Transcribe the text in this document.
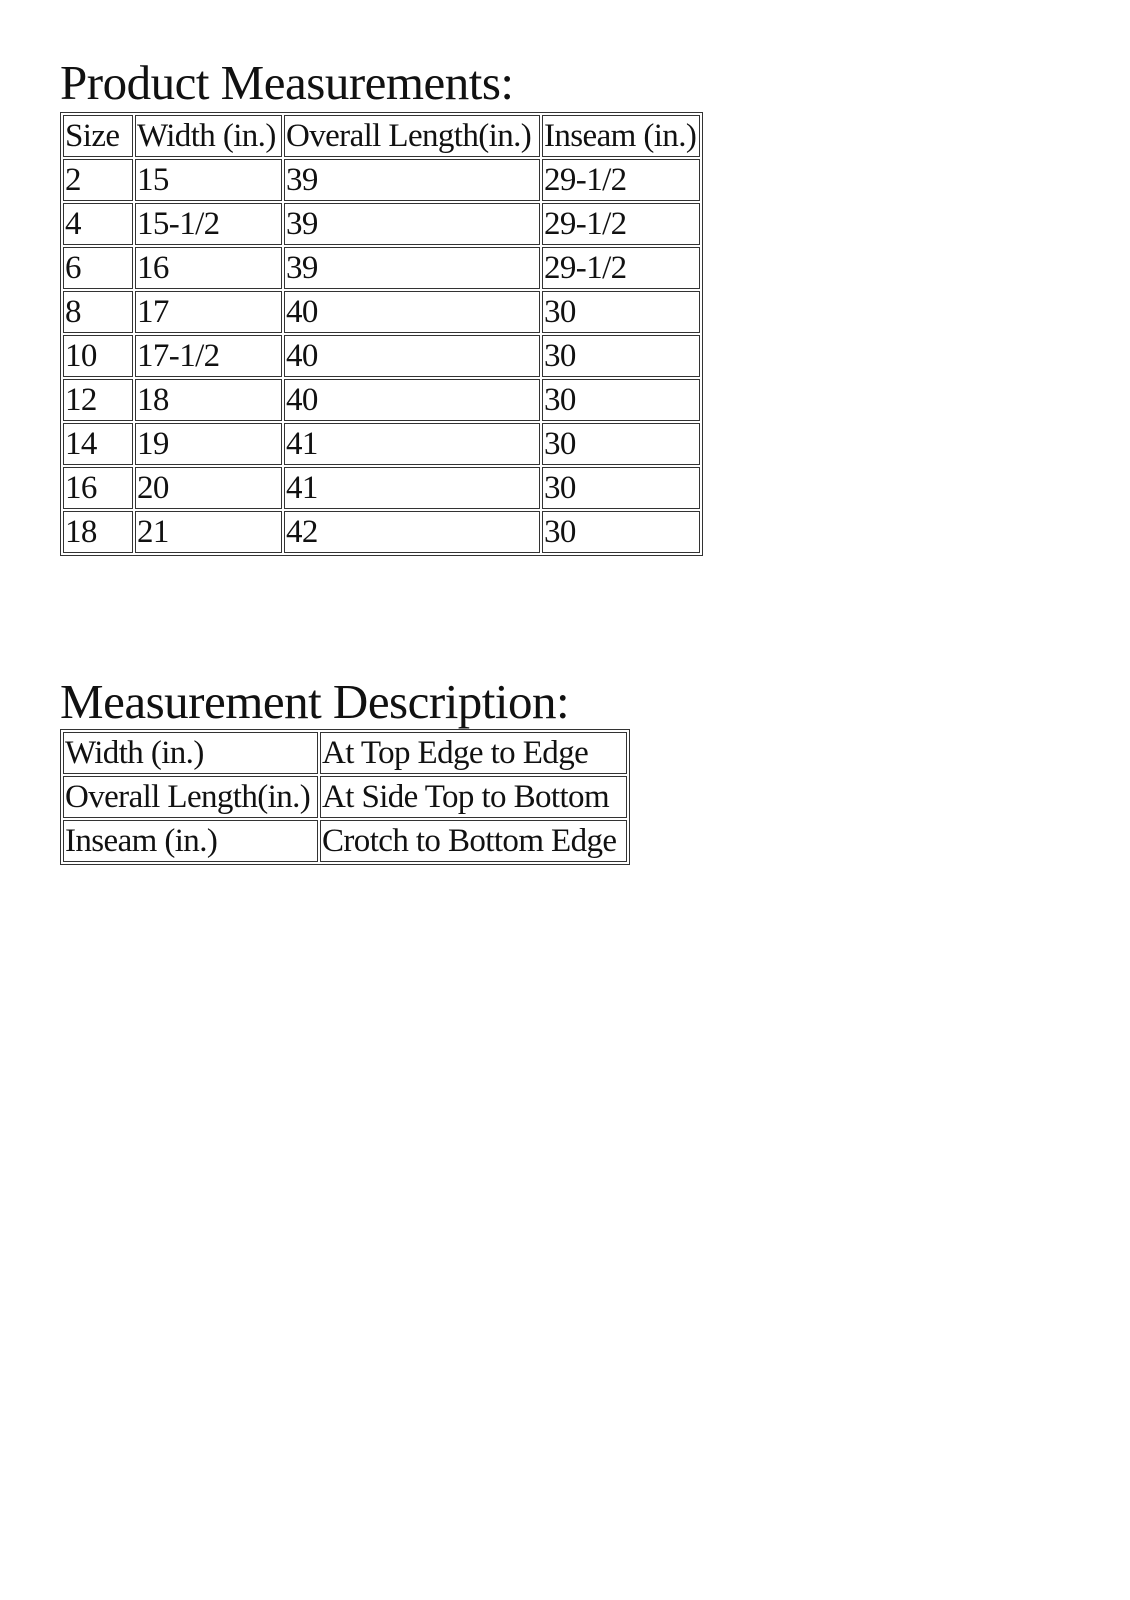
Product Measurements:
Size	Width (in.)	Overall Length(in.)	Inseam (in.)
2	15	39	29-1/2
4	15-1/2	39	29-1/2
6	16	39	29-1/2
8	17	40	30
10	17-1/2	40	30
12	18	40	30
14	19	41	30
16	20	41	30
18	21	42	30
Measurement Description:
Width (in.)	At Top Edge to Edge
Overall Length(in.)	At Side Top to Bottom
Inseam (in.)	Crotch to Bottom Edge
